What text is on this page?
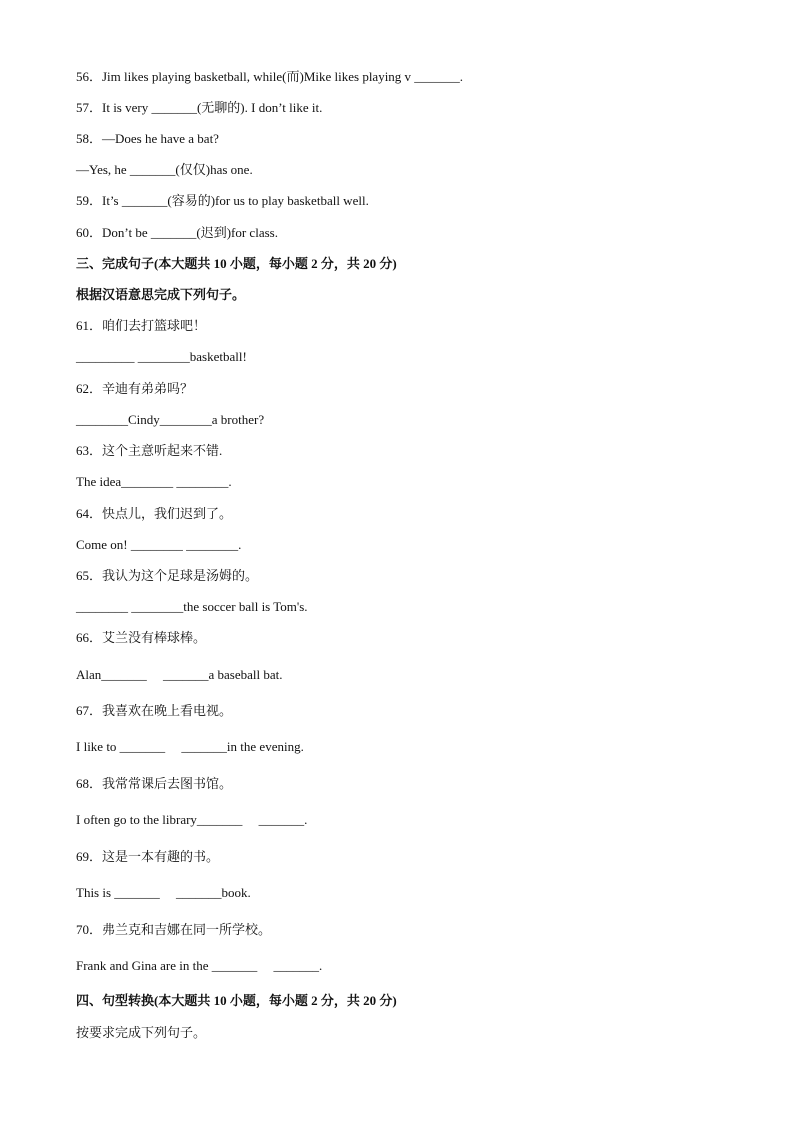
56．Jim likes playing basketball, while(而)Mike likes playing v _______.
57．It is very _______(无聊的). I don’t like it.
58．—Does he have a bat?
—Yes, he _______(仅仅)has one.
59．It’s _______(容易的)for us to play basketball well.
60．Don’t be _______(迟到)for class.
三、完成句子(本大题共 10 小题，每小题 2 分，共 20 分)
根据汉语意思完成下列句子。
61．咱们去打篮球吧！
_________ ________basketball!
62．辛迪有弟弟吗？
________Cindy________a brother?
63．这个主意听起来不错.
The idea________ ________.
64．快点儿，我们迟到了。
Come on! ________ ________.
65．我认为这个足球是汤姆的。
________ ________the soccer ball is Tom's.
66．艾兰没有棒球棒。
Alan_______     _______a baseball bat.
67．我喜欢在晚上看电视。
I like to _______     _______in the evening.
68．我常常课后去图书馆。
I often go to the library_______     _______.
69．这是一本有趣的书。
This is _______     _______book.
70．弗兰克和吉娜在同一所学校。
Frank and Gina are in the _______     _______.
四、句型转换(本大题共 10 小题，每小题 2 分，共 20 分)
按要求完成下列句子。
